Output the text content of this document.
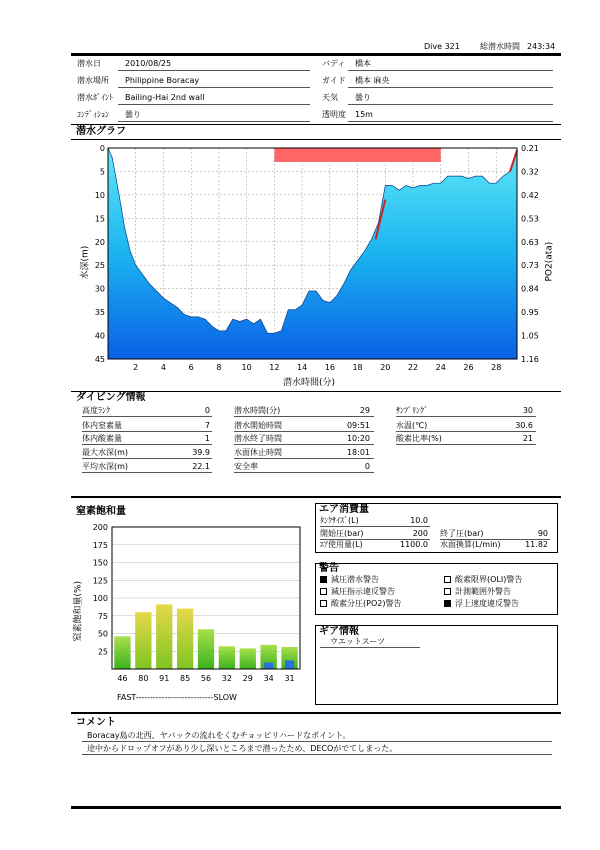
Dive 321	総潜水時間 243:34
潜水日	2010/08/25	バディ 橋本
潜水場所 Philippine Boracay	ガイド 橋本 麻央
潜水ﾎﾟｲﾝﾄ Bailing-Hai 2nd wall	天気 曇り
ｺﾝﾃﾞｨｼｮﾝ 曇り	透明度 15m
潜水グラフ
水深(m)	PO2(ata)
0
5
10
15
20
25
30
35
40
45
0.21
0.32
0.42
0.53
0.63
0.73
0.84
0.95
1.05
1.16
2	4	6	8	10 12 14 16 18 20 22 24 26 28
潜水時間(分)
ダイビング情報
高度ﾗﾝｸ	0
体内窒素量	7
体内酸素量	1
最大水深(m)	39.9
平均水深(m)	22.1
潜水時間(分)	29
潜水開始時間	09:51
潜水終了時間	10:20
水面休止時間	18:01
安全率	0
ｻﾝﾌﾟﾘﾝｸﾞ	30
水温(℃)	30.6
酸素比率(%)	21
窒素飽和量
窒素飽和量(%)
25
50
75
100
125
150
175
200
46 80 91 85 56 32 29 34 31
FAST---------------------------SLOW
エア消費量
ﾀﾝｸｻｲｽﾞ(L)	10.0
開始圧(bar)	200
ｴｱ使用量(L)	1100.0
終了圧(bar)	90
水面換算(L/min)	11.82
警告
減圧潜水警告	酸素限界(OLI)警告
減圧指示違反警告	計測範囲外警告
酸素分圧(PO2)警告	浮上速度違反警告
ギア情報
ウエットスーツ
コメント
Boracay島の北西、ヤバックの流れをくむチョッピリハードなポイント。
途中からドロップオフがあり少し深いところまで潜ったため、DECOがでてしまった。
